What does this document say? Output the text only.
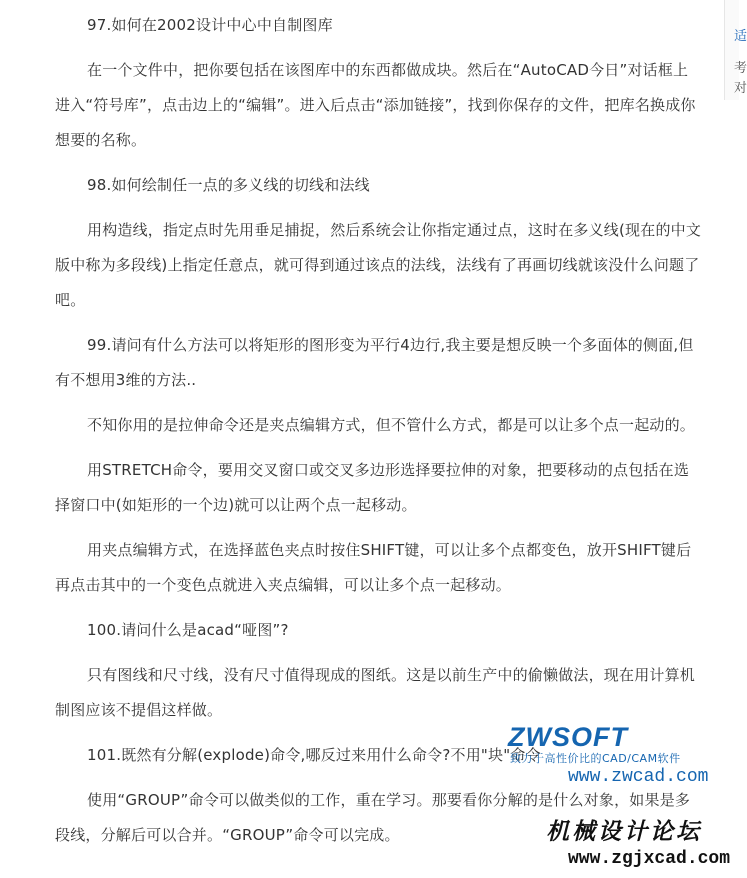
97.如何在2002设计中心中自制图库

在一个文件中，把你要包括在该图库中的东西都做成块。然后在“AutoCAD今日”对话框上进入“符号库”，点击边上的“编辑”。进入后点击“添加链接”，找到你保存的文件，把库名换成你想要的名称。

98.如何绘制任一点的多义线的切线和法线

用构造线，指定点时先用垂足捕捉，然后系统会让你指定通过点，这时在多义线(现在的中文版中称为多段线)上指定任意点，就可得到通过该点的法线，法线有了再画切线就该没什么问题了吧。

99.请问有什么方法可以将矩形的图形变为平行4边行,我主要是想反映一个多面体的侧面,但有不想用3维的方法..

不知你用的是拉伸命令还是夹点编辑方式，但不管什么方式，都是可以让多个点一起动的。

用STRETCH命令，要用交叉窗口或交叉多边形选择要拉伸的对象，把要移动的点包括在选择窗口中(如矩形的一个边)就可以让两个点一起移动。

用夹点编辑方式，在选择蓝色夹点时按住SHIFT键，可以让多个点都变色，放开SHIFT键后再点击其中的一个变色点就进入夹点编辑，可以让多个点一起移动。

100.请问什么是acad“哑图”?

只有图线和尺寸线，没有尺寸值得现成的图纸。这是以前生产中的偷懒做法，现在用计算机制图应该不提倡这样做。

101.既然有分解(explode)命令,哪反过来用什么命令?不用"块"命令

使用“GROUP”命令可以做类似的工作，重在学习。那要看你分解的是什么对象，如果是多段线，分解后可以合并。“GROUP”命令可以完成。

适
考
对
ZWSOFT
致力于高性价比的CAD/CAM软件
www.zwcad.com
机械设计论坛
www.zgjxcad.com
